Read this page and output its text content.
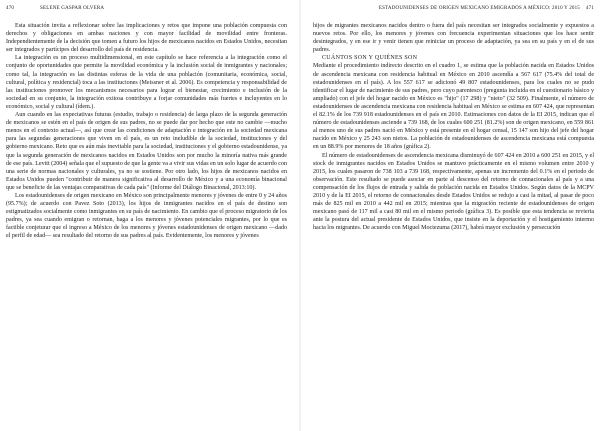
470	SELENE GASPAR OLVERA

Esta situación invita a reflexionar sobre las implicaciones y retos que impone una población compuesta con derechos y obligaciones en ambas naciones y con mayor facilidad de movilidad entre fronteras. Independientemente de la decisión que tomen a futuro los hijos de mexicanos nacidos en Estados Unidos, necesitan ser integrados y partícipes del desarrollo del país de residencia.

La integración es un proceso multidimensional, en este capítulo se hace referencia a la integración como el conjunto de oportunidades que permite la movilidad económica y la inclusión social de inmigrantes y nacionales; como tal, la integración es las distintas esferas de la vida de una población (comunitaria, económica, social, cultural, política y residencial) toca a las instituciones (Meissner et al. 2006). Es competencia y responsabilidad de las instituciones promover los mecanismos necesarios para lograr el bienestar, crecimiento e inclusión de la sociedad en su conjunto, la integración exitosa contribuye a forjar comunidades más fuertes e incluyentes en lo económico, social y cultural (ídem.).

Aun cuando en las expectativas futuras (estudio, trabajo o residencia) de larga plazo de la segunda generación de mexicanos se estén en el país de origen de sus padres, no se puede dar por hecho que este no cambie —mucho menos en el contexto actual—, así que crear las condiciones de adaptación e integración en la sociedad mexicana para las segundas generaciones que viven en el país, es un reto ineludible de la sociedad, instituciones y del gobierno mexicano. Reto que es aún más inevitable para la sociedad, instituciones y el gobierno estadounidense, ya que la segunda generación de mexicanos nacidos en Estados Unidos son por mucho la minoría nativa más grande de ese país. Levitt (2004) señala que el supuesto de que la gente va a vivir sus vidas en un solo lugar de acuerdo con una serie de normas nacionales y culturales, ya no se sostiene. Por otro lado, los hijos de mexicanos nacidos en Estados Unidos pueden "contribuir de manera significativa al desarrollo de México y a una economía binacional que se beneficie de las ventajas comparativas de cada país" (Informe del Diálogo Binacional, 2013:10).

Los estadounidenses de origen mexicano en México son principalmente menores y jóvenes de entre 0 y 24 años (95.7%); de acuerdo con Pavez Soto (2013), los hijos de inmigrantes nacidos en el país de destino son estigmatizados socialmente como inmigrantes en su país de nacimiento. En cambio que el proceso migratorio de los padres, ya sea cuando emigran o retornan, haga a los menores y jóvenes potenciales migrantes, por lo que es factible conjeturar que el ingreso a México de los menores y jóvenes estadounidenses de origen mexicano —dado el perfil de edad— sea resultado del retorno de sus padres al país. Evidentemente, los menores y jóvenes

ESTADOUNIDENSES DE ORIGEN MEXICANO EMIGRADOS A MÉXICO: 2010 Y 2015 471

hijos de migrantes mexicanos nacidos dentro o fuera del país necesitan ser integrados socialmente y expuestos a nuevos retos. Por ello, los menores y jóvenes con frecuencia experimentan situaciones que los hace sentir desintegrados, y en ese ir y venir tienen que reiniciar un proceso de adaptación, ya sea en su país y en el de sus padres.

CUÁNTOS SON Y QUIÉNES SON

Mediante el procedimiento indirecto descrito en el cuadro 1, se estima que la población nacida en Estados Unidos de ascendencia mexicana con residencia habitual en México en 2010 ascendía a 567 617 (75.4% del total de estadounidenses en el país). A los 557 617 se adicionó 49 807 estadounidenses, para los cuales no se pudo identificar el lugar de nacimiento de sus padres, pero cuyo parentesco (pregunta incluida en el cuestionario básico y ampliado) con el jefe del hogar nacido en México es "hijo" (17 298) y "nieto" (32 509). Finalmente, el número de estadounidenses de ascendencia mexicana con residencia habitual en México se estima en 607 424, que representan el 82.1% de los 739 918 estadounidenses en el país en 2010. Estimaciones con datos de la EI 2015, indican que el número de estadounidenses asciende a 739 168, de los cuales 600 251 (81.2%) son de origen mexicano, en 559 861 al menos uno de sus padres nació en México y está presente en el hogar censal, 15 147 son hijo del jefe del hogar nacido en México y 25 243 son nietos. La población de estadounidenses de ascendencia mexicana está compuesta en un 88.9% por menores de 18 años (gráfica 2).

El número de estadounidenses de ascendencia mexicana disminuyó de 607 424 en 2010 a 600 251 en 2015, y el stock de inmigrantes nacidos en Estados Unidos se mantuvo prácticamente en el mismo volumen entre 2010 y 2015, los cuales pasaron de 738 103 a 739 168, respectivamente, apenas un incremento del 0.1% en el periodo de observación. Este resultado se puede asociar en parte al descenso del retorno de connacionales al país y a una compensación de los flujos de entrada y salida de población nacida en Estados Unidos. Según datos de la MCPV 2010 y de la EI 2015, el retorno de connacionales desde Estados Unidos se redujo a casi la mitad, al pasar de poco más de 825 mil en 2010 a 442 mil en 2015; mientras que la migración reciente de estadounidenses de origen mexicano pasó de 117 mil a casi 80 mil en el mismo periodo (gráfica 3). Es posible que esta tendencia se revierta ante la postura del actual presidente de Estados Unidos, que insiste en la deportación y el hostigamiento intermo hacia los migrantes. De acuerdo con Miguel Moctezuma (2017), habrá mayor exclusión y persecución
